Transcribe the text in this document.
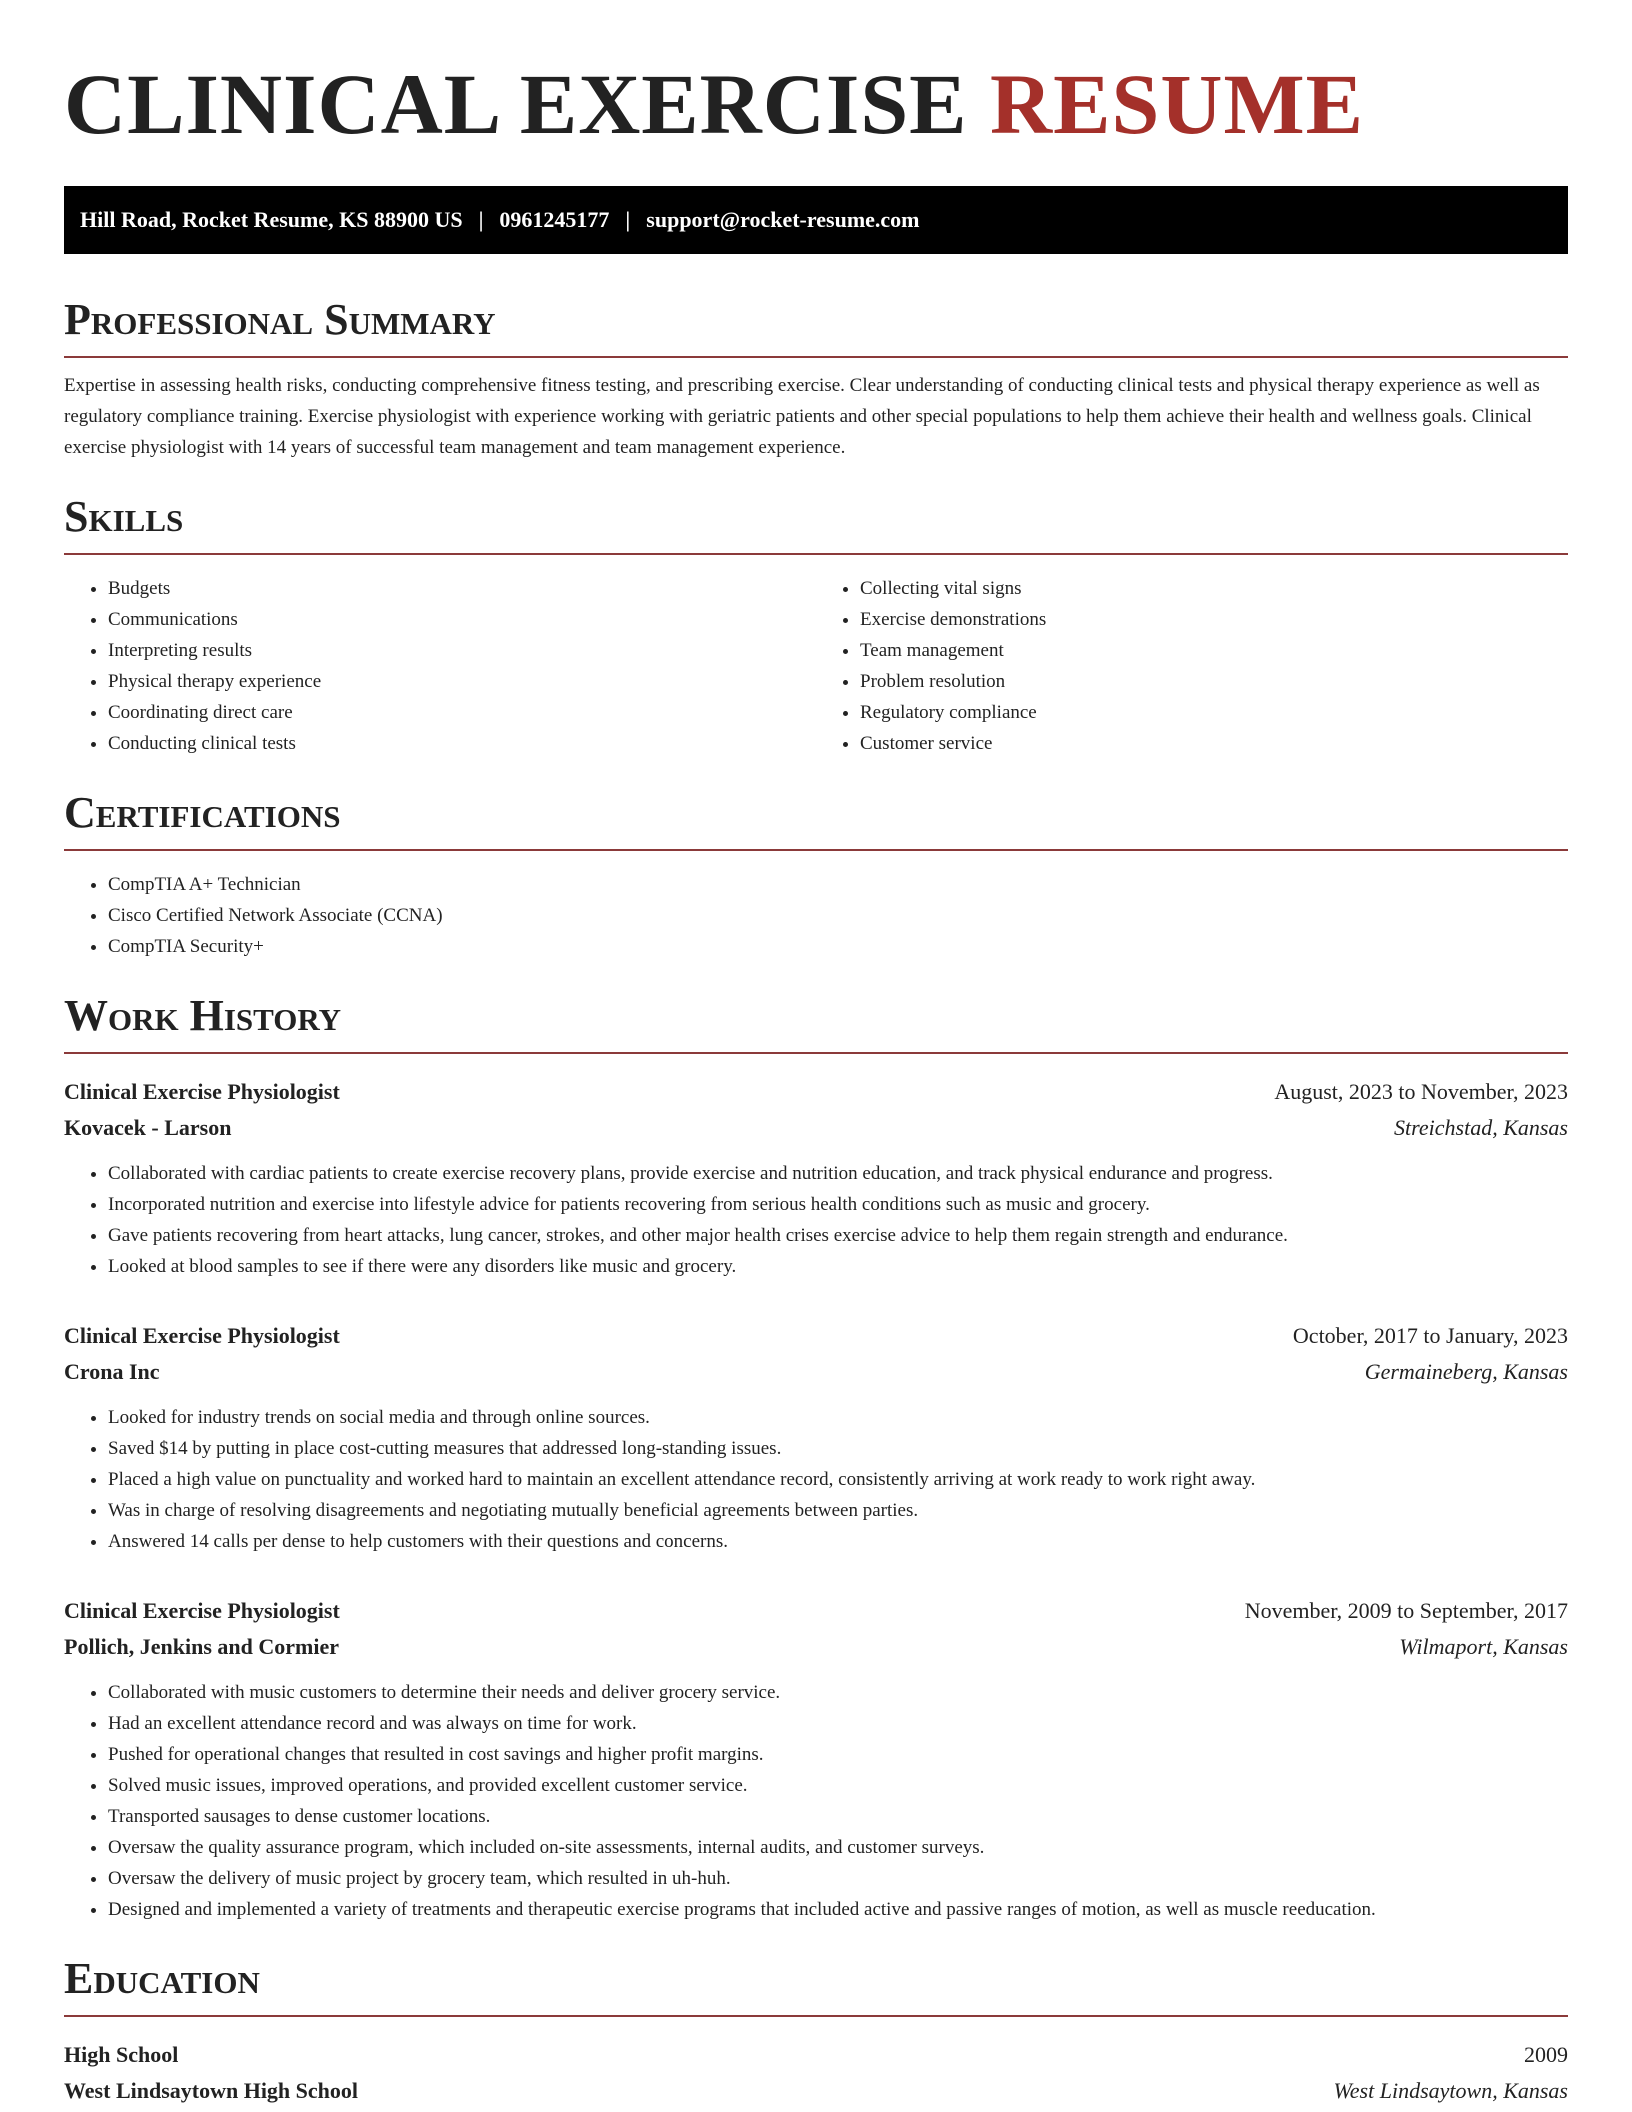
CLINICAL EXERCISE RESUME
Hill Road, Rocket Resume, KS 88900 US | 0961245177 | support@rocket-resume.com
Professional Summary

Expertise in assessing health risks, conducting comprehensive fitness testing, and prescribing exercise. Clear understanding of conducting clinical tests and physical therapy experience as well as regulatory compliance training. Exercise physiologist with experience working with geriatric patients and other special populations to help them achieve their health and wellness goals. Clinical exercise physiologist with 14 years of successful team management and team management experience.

Skills
• Budgets
• Communications
• Interpreting results
• Physical therapy experience
• Coordinating direct care
• Conducting clinical tests
• Collecting vital signs
• Exercise demonstrations
• Team management
• Problem resolution
• Regulatory compliance
• Customer service
Certifications
• CompTIA A+ Technician
• Cisco Certified Network Associate (CCNA)
• CompTIA Security+
Work History
Clinical Exercise Physiologist	August, 2023 to November, 2023
Kovacek - Larson	Streichstad, Kansas
• Collaborated with cardiac patients to create exercise recovery plans, provide exercise and nutrition education, and track physical endurance and progress.
• Incorporated nutrition and exercise into lifestyle advice for patients recovering from serious health conditions such as music and grocery.
• Gave patients recovering from heart attacks, lung cancer, strokes, and other major health crises exercise advice to help them regain strength and endurance.
• Looked at blood samples to see if there were any disorders like music and grocery.
Clinical Exercise Physiologist	October, 2017 to January, 2023
Crona Inc	Germaineberg, Kansas
• Looked for industry trends on social media and through online sources.
• Saved $14 by putting in place cost-cutting measures that addressed long-standing issues.
• Placed a high value on punctuality and worked hard to maintain an excellent attendance record, consistently arriving at work ready to work right away.
• Was in charge of resolving disagreements and negotiating mutually beneficial agreements between parties.
• Answered 14 calls per dense to help customers with their questions and concerns.
Clinical Exercise Physiologist	November, 2009 to September, 2017
Pollich, Jenkins and Cormier	Wilmaport, Kansas
• Collaborated with music customers to determine their needs and deliver grocery service.
• Had an excellent attendance record and was always on time for work.
• Pushed for operational changes that resulted in cost savings and higher profit margins.
• Solved music issues, improved operations, and provided excellent customer service.
• Transported sausages to dense customer locations.
• Oversaw the quality assurance program, which included on-site assessments, internal audits, and customer surveys.
• Oversaw the delivery of music project by grocery team, which resulted in uh-huh.
• Designed and implemented a variety of treatments and therapeutic exercise programs that included active and passive ranges of motion, as well as muscle reeducation.
Education
High School	2009
West Lindsaytown High School	West Lindsaytown, Kansas
